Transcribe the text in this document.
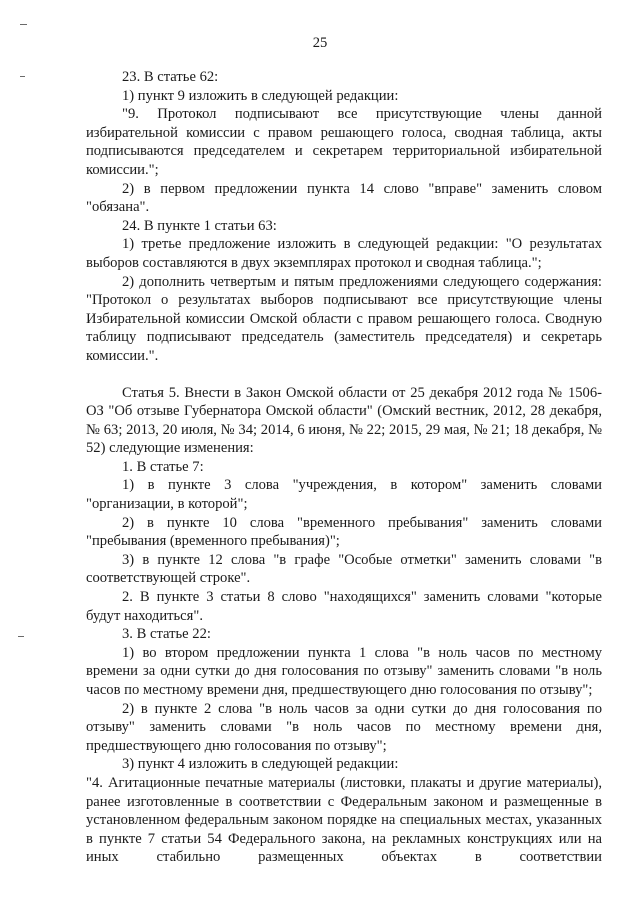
25

23. В статье 62:

1) пункт 9 изложить в следующей редакции:

"9. Протокол подписывают все присутствующие члены данной избирательной комиссии с правом решающего голоса, сводная таблица, акты подписываются председателем и секретарем территориальной избирательной комиссии.";

2) в первом предложении пункта 14 слово "вправе" заменить словом "обязана".

24. В пункте 1 статьи 63:

1) третье предложение изложить в следующей редакции: "О результатах выборов составляются в двух экземплярах протокол и сводная таблица.";

2) дополнить четвертым и пятым предложениями следующего содержания: "Протокол о результатах выборов подписывают все присутствующие члены Избирательной комиссии Омской области с правом решающего голоса. Сводную таблицу подписывают председатель (заместитель председателя) и секретарь комиссии.".

Статья 5. Внести в Закон Омской области от 25 декабря 2012 года № 1506-ОЗ "Об отзыве Губернатора Омской области" (Омский вестник, 2012, 28 декабря, № 63; 2013, 20 июля, № 34; 2014, 6 июня, № 22; 2015, 29 мая, № 21; 18 декабря, № 52) следующие изменения:

1. В статье 7:

1) в пункте 3 слова "учреждения, в котором" заменить словами "организации, в которой";

2) в пункте 10 слова "временного пребывания" заменить словами "пребывания (временного пребывания)";

3) в пункте 12 слова "в графе "Особые отметки" заменить словами "в соответствующей строке".

2. В пункте 3 статьи 8 слово "находящихся" заменить словами "которые будут находиться".

3. В статье 22:

1) во втором предложении пункта 1 слова "в ноль часов по местному времени за одни сутки до дня голосования по отзыву" заменить словами "в ноль часов по местному времени дня, предшествующего дню голосования по отзыву";

2) в пункте 2 слова "в ноль часов за одни сутки до дня голосования по отзыву" заменить словами "в ноль часов по местному времени дня, предшествующего дню голосования по отзыву";

3) пункт 4 изложить в следующей редакции:

"4. Агитационные печатные материалы (листовки, плакаты и другие материалы), ранее изготовленные в соответствии с Федеральным законом и размещенные в установленном федеральным законом порядке на специальных местах, указанных в пункте 7 статьи 54 Федерального закона, на рекламных конструкциях или на иных стабильно размещенных объектах в соответствии
